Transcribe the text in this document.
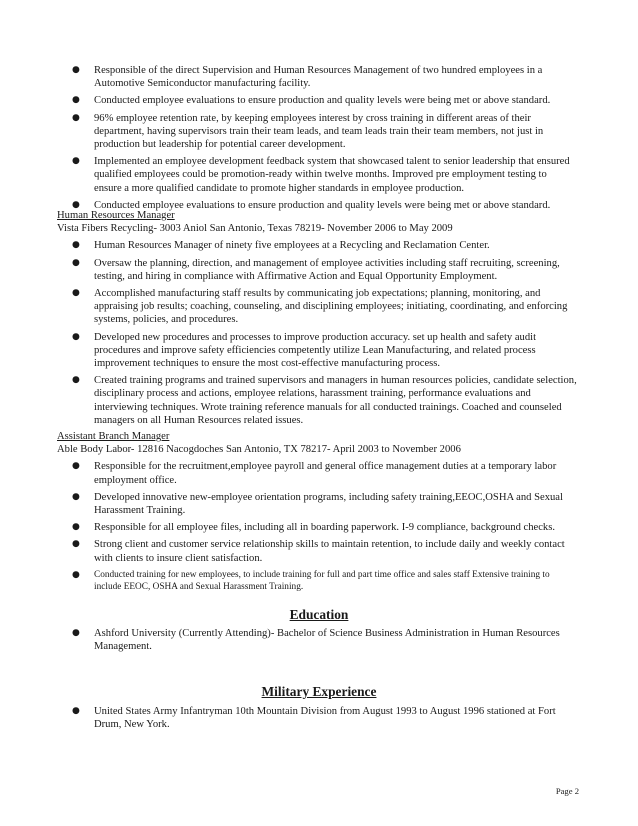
● Responsible of the direct Supervision and Human Resources Management of two hundred employees in a Automotive Semiconductor manufacturing facility.
● Conducted employee evaluations to ensure production and quality levels were being met or above standard.
● 96% employee retention rate, by keeping employees interest by cross training in different areas of their department, having supervisors train their team leads, and team leads train their team members, not just in production but leadership for potential career development.
● Implemented an employee development feedback system that showcased talent to senior leadership that ensured qualified employees could be promotion-ready within twelve months. Improved pre employment testing to ensure a more qualified candidate to promote higher standards in employee production.
● Conducted employee evaluations to ensure production and quality levels were being met or above standard.

Human Resources Manager

Vista Fibers Recycling- 3003 Aniol San Antonio, Texas 78219- November 2006 to May 2009

● Human Resources Manager of ninety five employees at a Recycling and Reclamation Center.
● Oversaw the planning, direction, and management of employee activities including staff recruiting, screening, testing, and hiring in compliance with Affirmative Action and Equal Opportunity Employment.
● Accomplished manufacturing staff results by communicating job expectations; planning, monitoring, and appraising job results; coaching, counseling, and disciplining employees; initiating, coordinating, and enforcing systems, policies, and procedures.
● Developed new procedures and processes to improve production accuracy. set up health and safety audit procedures and improve safety efficiencies competently utilize Lean Manufacturing, and related process improvement techniques to ensure the most cost-effective manufacturing process.
● Created training programs and trained supervisors and managers in human resources policies, candidate selection, disciplinary process and actions, employee relations, harassment training, performance evaluations and interviewing techniques. Wrote training reference manuals for all conducted trainings. Coached and counseled managers on all Human Resources related issues.

Assistant Branch Manager

Able Body Labor- 12816 Nacogdoches San Antonio, TX 78217- April 2003 to November 2006

● Responsible for the recruitment,employee payroll and general office management duties at a temporary labor employment office.
● Developed innovative new-employee orientation programs, including safety training,EEOC,OSHA and Sexual Harassment Training.
● Responsible for all employee files, including all in boarding paperwork. I-9 compliance, background checks.
● Strong client and customer service relationship skills to maintain retention, to include daily and weekly contact with clients to insure client satisfaction.
● Conducted training for new employees, to include training for full and part time office and sales staff Extensive training to include EEOC, OSHA and Sexual Harassment Training.
Education
● Ashford University (Currently Attending)- Bachelor of Science Business Administration in Human Resources Management.
Military Experience
● United States Army Infantryman 10th Mountain Division from August 1993 to August 1996 stationed at Fort Drum, New York.
Page 2
